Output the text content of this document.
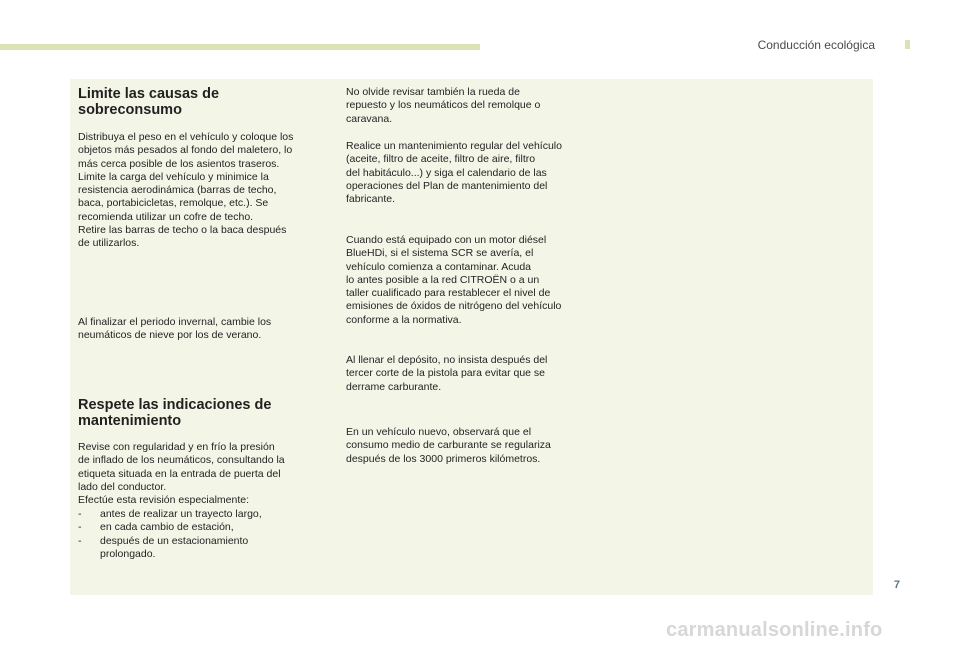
Conducción ecológica
Limite las causas de
sobreconsumo

Distribuya el peso en el vehículo y coloque los
objetos más pesados al fondo del maletero, lo
más cerca posible de los asientos traseros.
Limite la carga del vehículo y minimice la
resistencia aerodinámica (barras de techo,
baca, portabicicletas, remolque, etc.). Se
recomienda utilizar un cofre de techo.
Retire las barras de techo o la baca después
de utilizarlos.

Al finalizar el periodo invernal, cambie los
neumáticos de nieve por los de verano.

Respete las indicaciones de
mantenimiento

Revise con regularidad y en frío la presión
de inflado de los neumáticos, consultando la
etiqueta situada en la entrada de puerta del
lado del conductor.
Efectúe esta revisión especialmente:

- antes de realizar un trayecto largo,
- en cada cambio de estación,
- después de un estacionamiento
prolongado.

No olvide revisar también la rueda de
repuesto y los neumáticos del remolque o
caravana.

Realice un mantenimiento regular del vehículo
(aceite, filtro de aceite, filtro de aire, filtro
del habitáculo...) y siga el calendario de las
operaciones del Plan de mantenimiento del
fabricante.

Cuando está equipado con un motor diésel
BlueHDi, si el sistema SCR se avería, el
vehículo comienza a contaminar. Acuda
lo antes posible a la red CITROËN o a un
taller cualificado para restablecer el nivel de
emisiones de óxidos de nitrógeno del vehículo
conforme a la normativa.

Al llenar el depósito, no insista después del
tercer corte de la pistola para evitar que se
derrame carburante.

En un vehículo nuevo, observará que el
consumo medio de carburante se regulariza
después de los 3000 primeros kilómetros.

7
carmanualsonline.info
